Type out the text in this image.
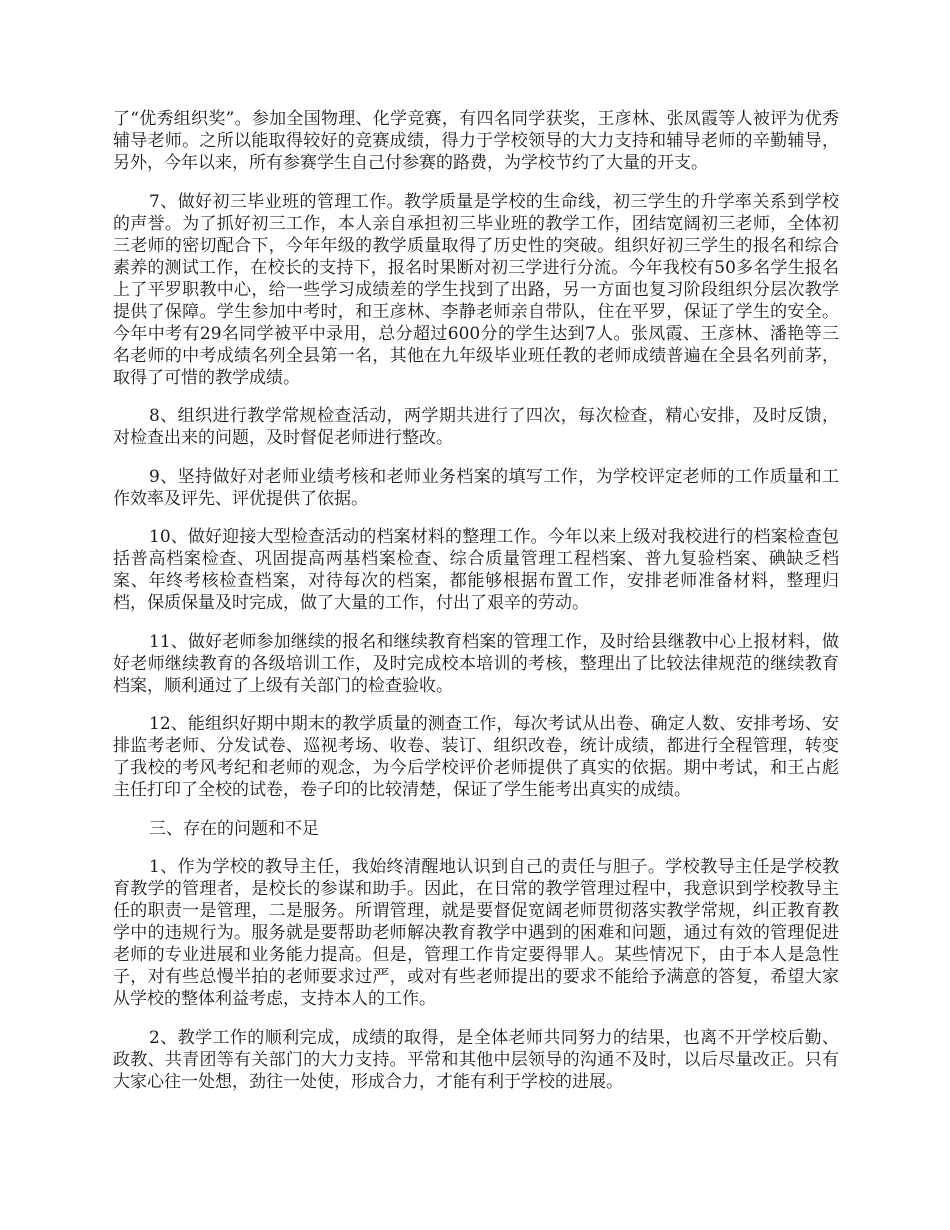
了“优秀组织奖”。参加全国物理、化学竞赛，有四名同学获奖，王彦林、张凤霞等人被评为优秀辅导老师。之所以能取得较好的竞赛成绩，得力于学校领导的大力支持和辅导老师的辛勤辅导，另外，今年以来，所有参赛学生自己付参赛的路费，为学校节约了大量的开支。

7、做好初三毕业班的管理工作。教学质量是学校的生命线，初三学生的升学率关系到学校的声誉。为了抓好初三工作，本人亲自承担初三毕业班的教学工作，团结宽阔初三老师，全体初三老师的密切配合下，今年年级的教学质量取得了历史性的突破。组织好初三学生的报名和综合素养的测试工作，在校长的支持下，报名时果断对初三学进行分流。今年我校有50多名学生报名上了平罗职教中心，给一些学习成绩差的学生找到了出路，另一方面也复习阶段组织分层次教学提供了保障。学生参加中考时，和王彦林、李静老师亲自带队，住在平罗，保证了学生的安全。今年中考有29名同学被平中录用，总分超过600分的学生达到7人。张凤霞、王彦林、潘艳等三名老师的中考成绩名列全县第一名，其他在九年级毕业班任教的老师成绩普遍在全县名列前茅，取得了可惜的教学成绩。

8、组织进行教学常规检查活动，两学期共进行了四次，每次检查，精心安排，及时反馈，对检查出来的问题，及时督促老师进行整改。

9、坚持做好对老师业绩考核和老师业务档案的填写工作，为学校评定老师的工作质量和工作效率及评先、评优提供了依据。

10、做好迎接大型检查活动的档案材料的整理工作。今年以来上级对我校进行的档案检查包括普高档案检查、巩固提高两基档案检查、综合质量管理工程档案、普九复验档案、碘缺乏档案、年终考核检查档案，对待每次的档案，都能够根据布置工作，安排老师准备材料，整理归档，保质保量及时完成，做了大量的工作，付出了艰辛的劳动。

11、做好老师参加继续的报名和继续教育档案的管理工作，及时给县继教中心上报材料，做好老师继续教育的各级培训工作，及时完成校本培训的考核，整理出了比较法律规范的继续教育档案，顺利通过了上级有关部门的检查验收。

12、能组织好期中期末的教学质量的测查工作，每次考试从出卷、确定人数、安排考场、安排监考老师、分发试卷、巡视考场、收卷、装订、组织改卷，统计成绩，都进行全程管理，转变了我校的考风考纪和老师的观念，为今后学校评价老师提供了真实的依据。期中考试，和王占彪主任打印了全校的试卷，卷子印的比较清楚，保证了学生能考出真实的成绩。

三、存在的问题和不足

1、作为学校的教导主任，我始终清醒地认识到自己的责任与胆子。学校教导主任是学校教育教学的管理者，是校长的参谋和助手。因此，在日常的教学管理过程中，我意识到学校教导主任的职责一是管理，二是服务。所谓管理，就是要督促宽阔老师贯彻落实教学常规，纠正教育教学中的违规行为。服务就是要帮助老师解决教育教学中遇到的困难和问题，通过有效的管理促进老师的专业进展和业务能力提高。但是，管理工作肯定要得罪人。某些情况下，由于本人是急性子，对有些总慢半拍的老师要求过严，或对有些老师提出的要求不能给予满意的答复，希望大家从学校的整体利益考虑，支持本人的工作。

2、教学工作的顺利完成，成绩的取得，是全体老师共同努力的结果，也离不开学校后勤、政教、共青团等有关部门的大力支持。平常和其他中层领导的沟通不及时，以后尽量改正。只有大家心往一处想，劲往一处使，形成合力，才能有利于学校的进展。
